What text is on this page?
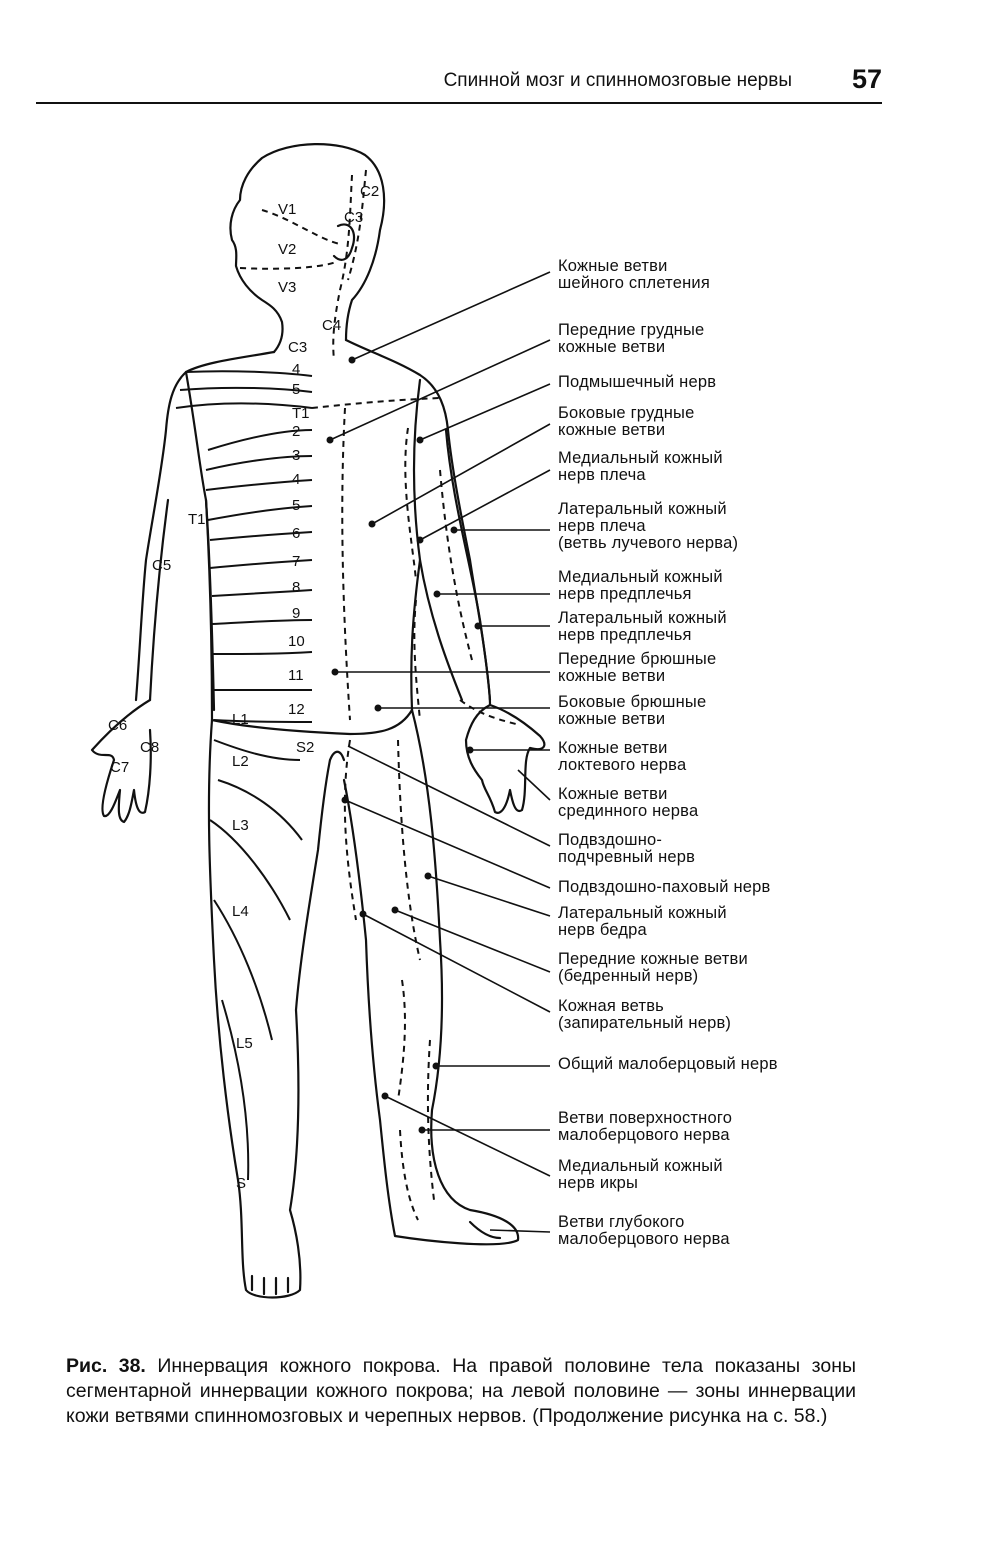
Спинной мозг и спинномозговые нервы 57
V1
V2
V3
C2
C3
C4
C3
4
5
T1
2
3
4
5
6
7
8
9
10
11
12
T1
C5
C6
C8
C7
L1
L2
L3
L4
L5
S2
S
Кожные ветви
шейного сплетения
Передние грудные
кожные ветви
Подмышечный нерв
Боковые грудные
кожные ветви
Медиальный кожный
нерв плеча
Латеральный кожный
нерв плеча
(ветвь лучевого нерва)
Медиальный кожный
нерв предплечья
Латеральный кожный
нерв предплечья
Передние брюшные
кожные ветви
Боковые брюшные
кожные ветви
Кожные ветви
локтевого нерва
Кожные ветви
срединного нерва
Подвздошно-
подчревный нерв
Подвздошно-паховый нерв
Латеральный кожный
нерв бедра
Передние кожные ветви
(бедренный нерв)
Кожная ветвь
(запирательный нерв)
Общий малоберцовый нерв
Ветви поверхностного
малоберцового нерва
Медиальный кожный
нерв икры
Ветви глубокого
малоберцового нерва
Рис. 38. Иннервация кожного покрова. На правой половине тела показаны зоны сегментарной иннервации кожного покрова; на левой половине — зоны иннервации кожи ветвями спинномозговых и черепных нервов. (Продолжение рисунка на с. 58.)
